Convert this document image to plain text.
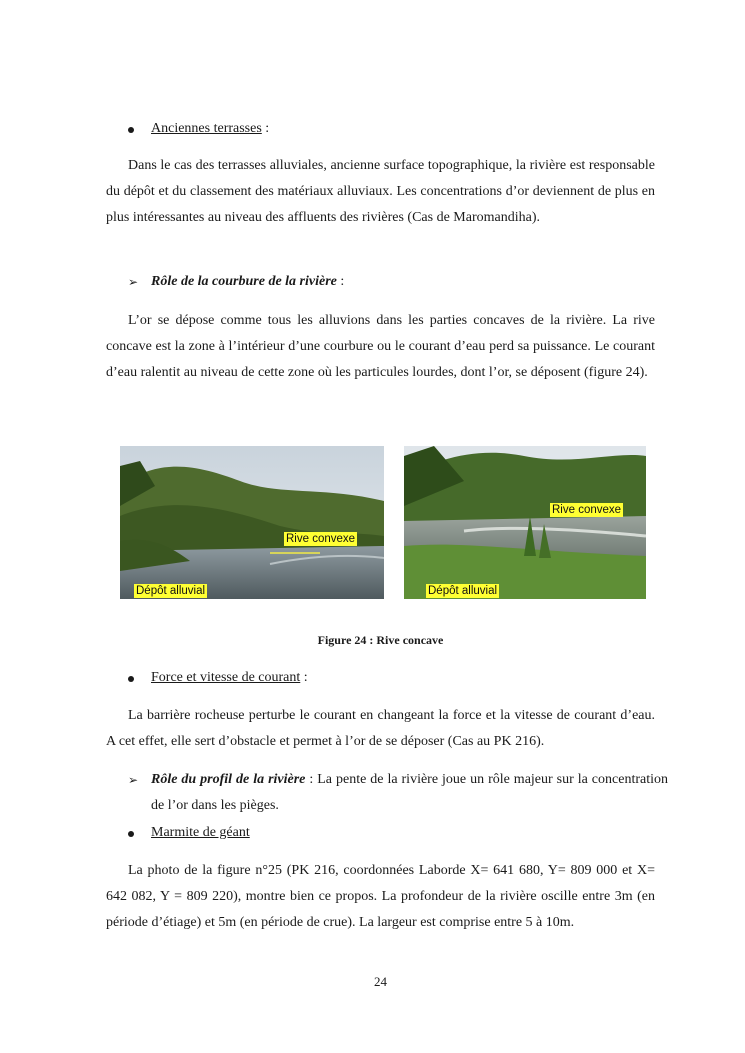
Anciennes terrasses :

Dans le cas des terrasses alluviales, ancienne surface topographique, la rivière est responsable du dépôt et du classement des matériaux alluviaux. Les concentrations d’or deviennent de plus en plus intéressantes au niveau des affluents des rivières (Cas de Maromandiha).

➢ Rôle de la courbure de la rivière :

L’or se dépose comme tous les alluvions dans les parties concaves de la rivière. La rive concave est la zone à l’intérieur d’une courbure ou le courant d’eau perd sa puissance. Le courant d’eau ralentit au niveau de cette zone où les particules lourdes, dont l’or, se déposent (figure 24).

Rive convexe
Dépôt alluvial
Rive convexe
Dépôt alluvial
Figure 24 : Rive concave
Force et vitesse de courant :

La barrière rocheuse perturbe le courant en changeant la force et la vitesse de courant d’eau. A cet effet, elle sert d’obstacle et permet à l’or de se déposer (Cas au PK 216).

➢ Rôle du profil de la rivière : La pente de la rivière joue un rôle majeur sur la concentration de l’or dans les pièges.
Marmite de géant

La photo de la figure n°25 (PK 216, coordonnées Laborde X= 641 680, Y= 809 000 et X= 642 082, Y = 809 220), montre bien ce propos. La profondeur de la rivière oscille entre 3m (en période d’étiage) et 5m (en période de crue). La largeur est comprise entre 5 à 10m.

24
